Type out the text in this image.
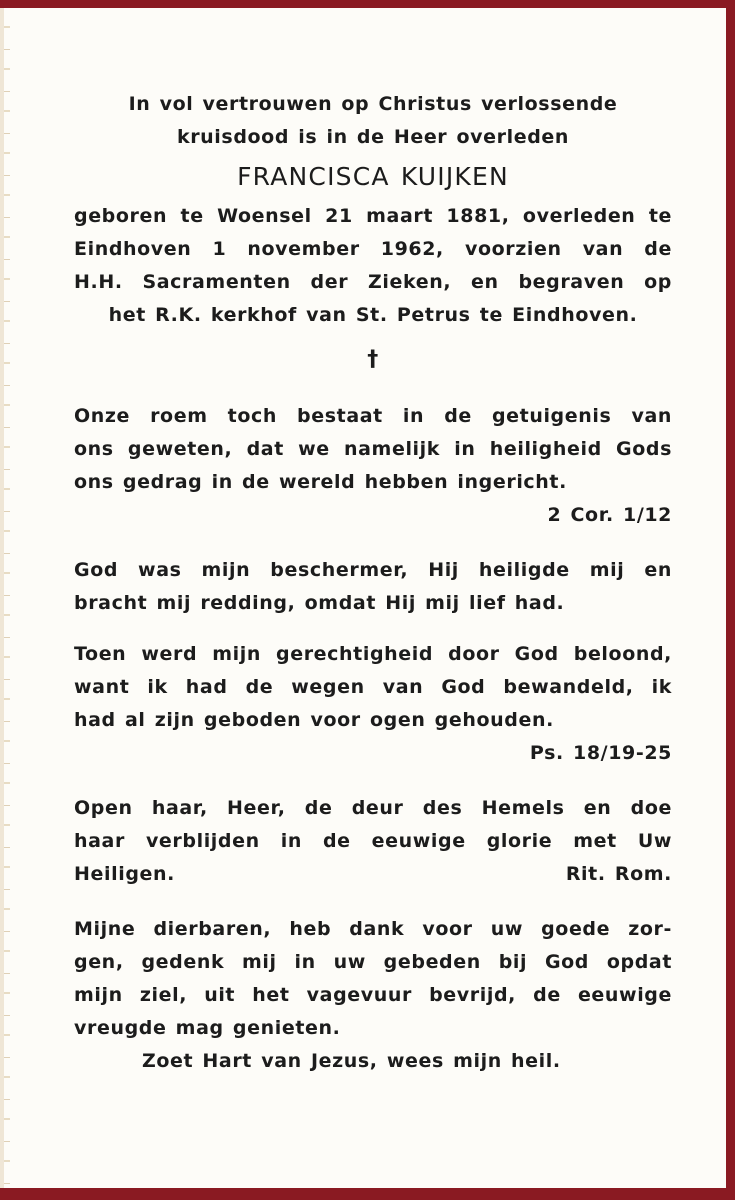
In vol vertrouwen op Christus verlossende
kruisdood is in de Heer overleden
FRANCISCA KUIJKEN
geboren te Woensel 21 maart 1881, overleden te
Eindhoven 1 november 1962, voorzien van de
H.H. Sacramenten der Zieken, en begraven op
het R.K. kerkhof van St. Petrus te Eindhoven.
†
Onze roem toch bestaat in de getuigenis van
ons geweten, dat we namelijk in heiligheid Gods
ons gedrag in de wereld hebben ingericht.
2 Cor. 1/12
God was mijn beschermer, Hij heiligde mij en
bracht mij redding, omdat Hij mij lief had.
Toen werd mijn gerechtigheid door God beloond,
want ik had de wegen van God bewandeld, ik
had al zijn geboden voor ogen gehouden.
Ps. 18/19-25
Open haar, Heer, de deur des Hemels en doe
haar verblijden in de eeuwige glorie met Uw
Heiligen.	Rit. Rom.
Mijne dierbaren, heb dank voor uw goede zor-
gen, gedenk mij in uw gebeden bij God opdat
mijn ziel, uit het vagevuur bevrijd, de eeuwige
vreugde mag genieten.
Zoet Hart van Jezus, wees mijn heil.
